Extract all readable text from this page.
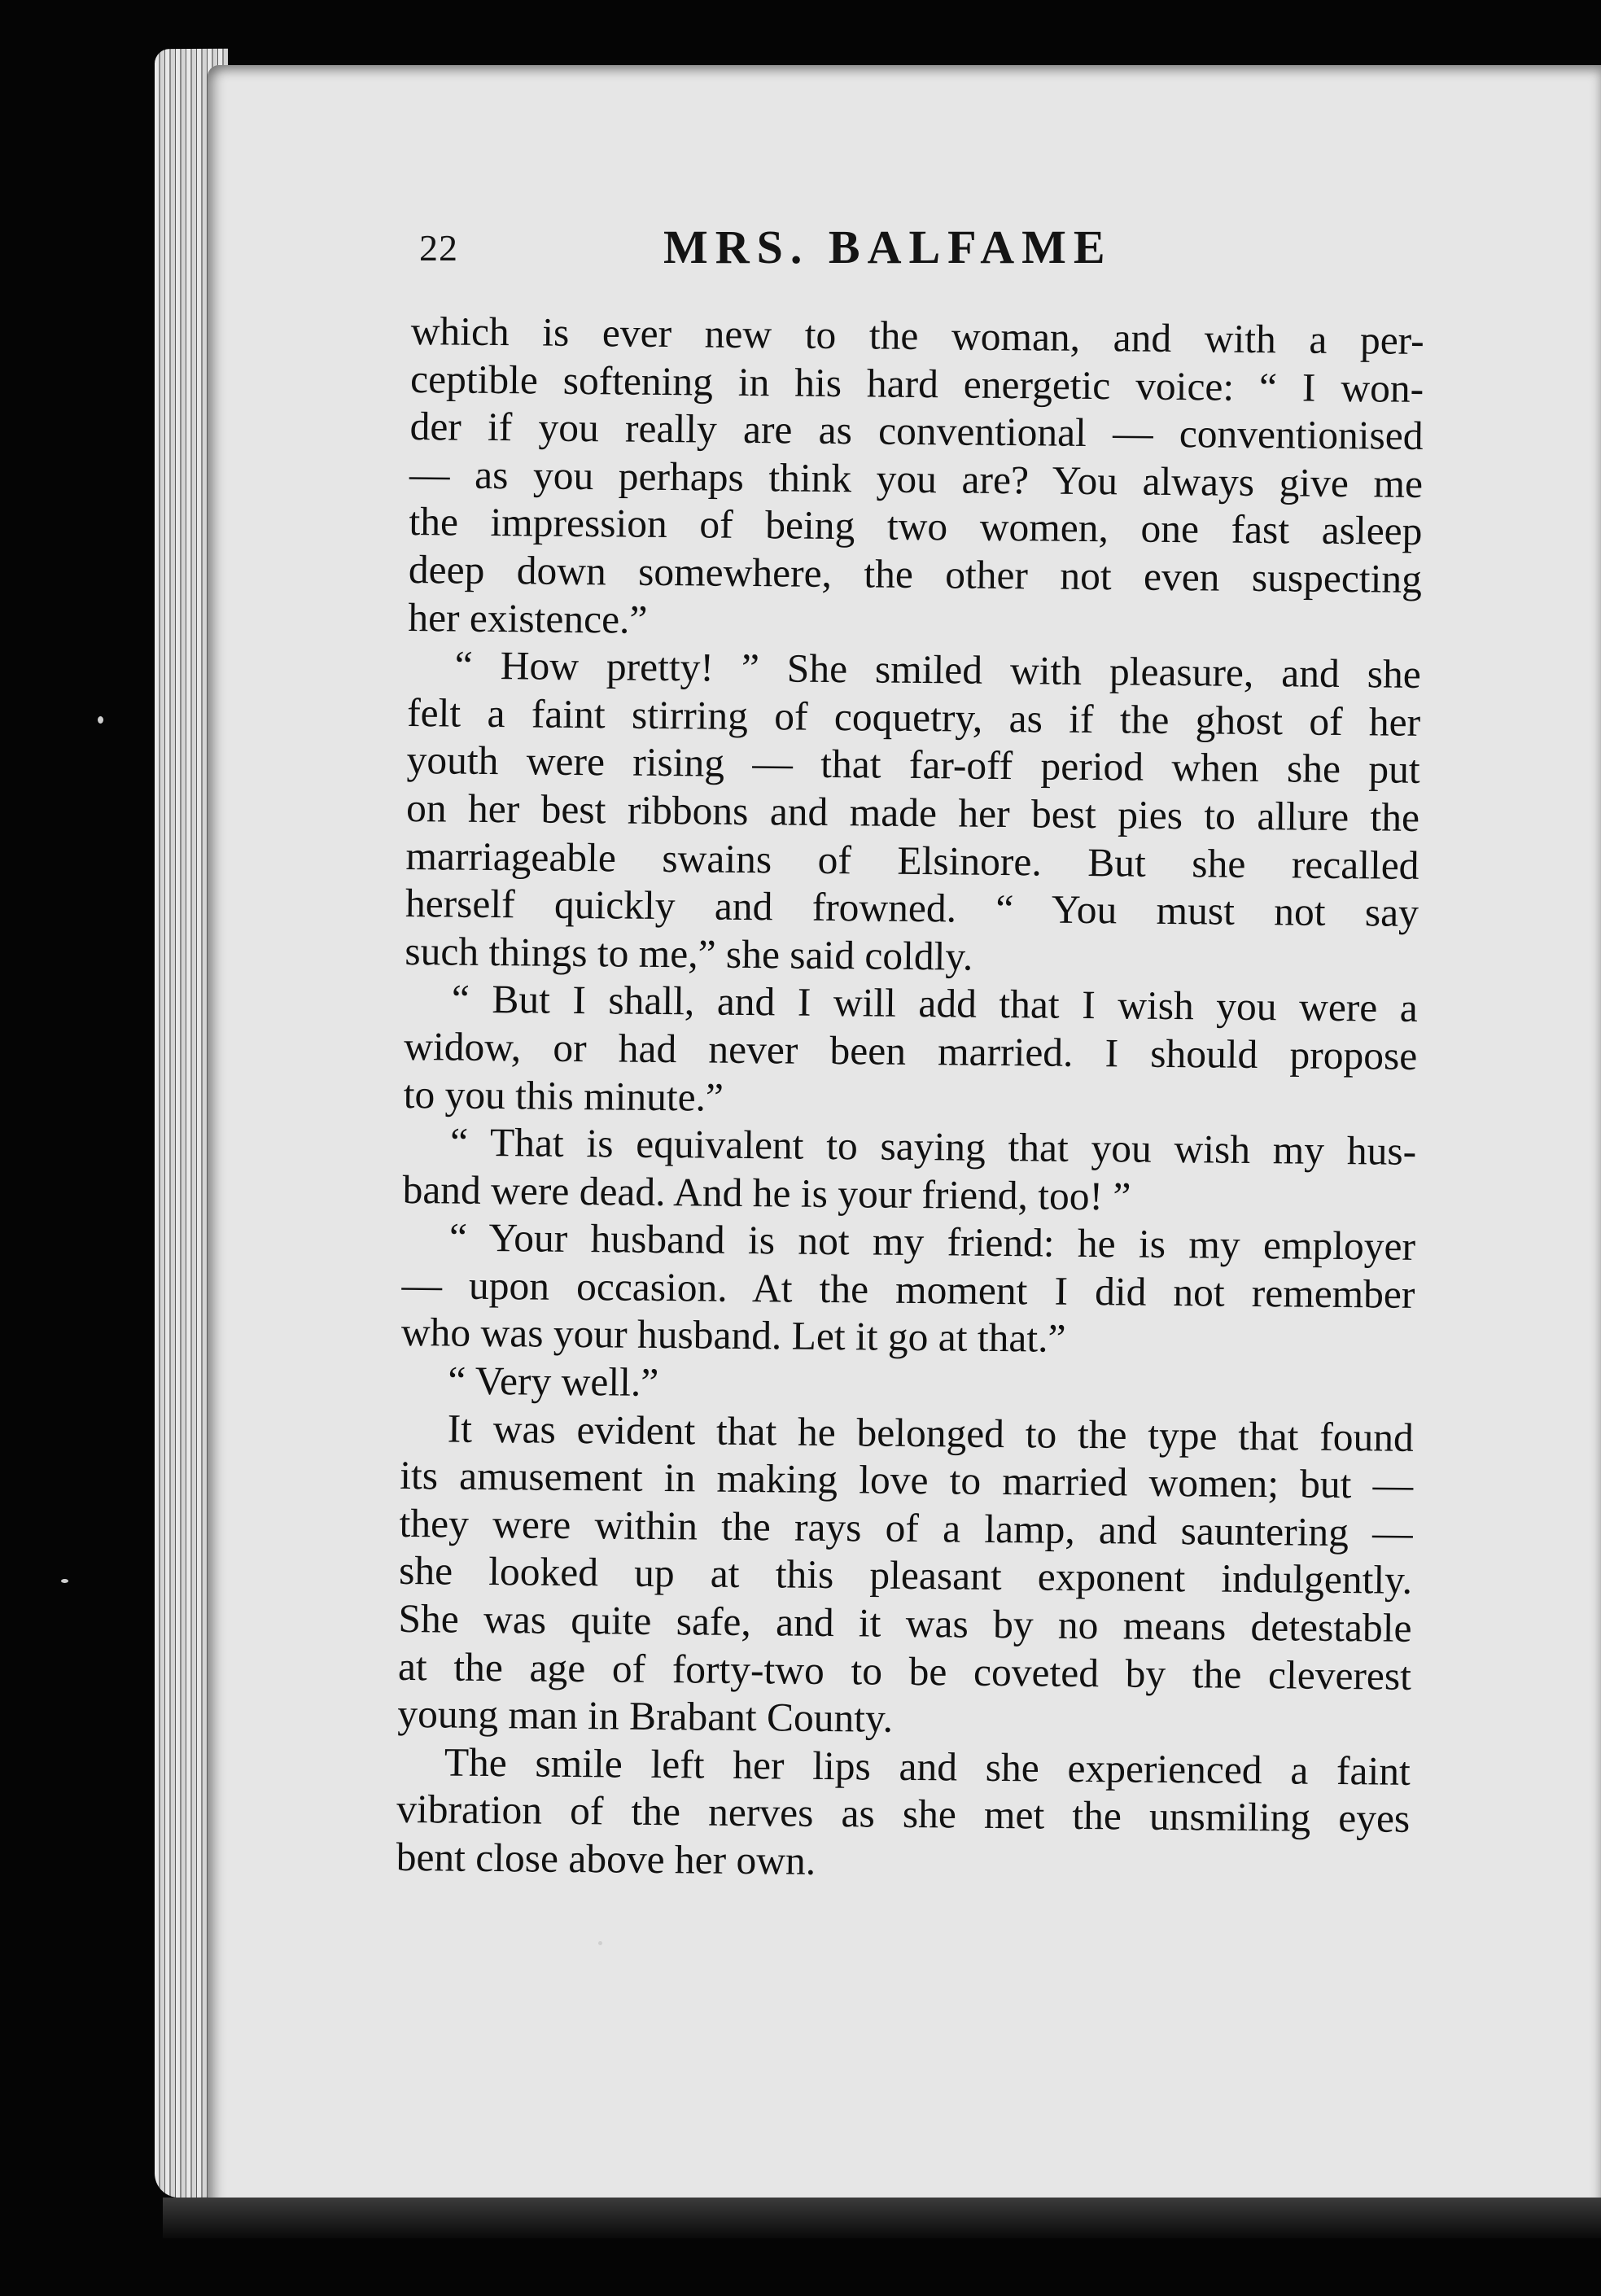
22	MRS. BALFAME
which is ever new to the woman, and with a per-
ceptible softening in his hard energetic voice: “ I won-
der if you really are as conventional — conventionised
— as you perhaps think you are? You always give me
the impression of being two women, one fast asleep
deep down somewhere, the other not even suspecting
her existence.”
“ How pretty! ” She smiled with pleasure, and she
felt a faint stirring of coquetry, as if the ghost of her
youth were rising — that far-off period when she put
on her best ribbons and made her best pies to allure the
marriageable swains of Elsinore. But she recalled
herself quickly and frowned. “ You must not say
such things to me,” she said coldly.
“ But I shall, and I will add that I wish you were a
widow, or had never been married. I should propose
to you this minute.”
“ That is equivalent to saying that you wish my hus-
band were dead. And he is your friend, too! ”
“ Your husband is not my friend: he is my employer
— upon occasion. At the moment I did not remember
who was your husband. Let it go at that.”
“ Very well.”
It was evident that he belonged to the type that found
its amusement in making love to married women; but —
they were within the rays of a lamp, and sauntering —
she looked up at this pleasant exponent indulgently.
She was quite safe, and it was by no means detestable
at the age of forty-two to be coveted by the cleverest
young man in Brabant County.
The smile left her lips and she experienced a faint
vibration of the nerves as she met the unsmiling eyes
bent close above her own.
